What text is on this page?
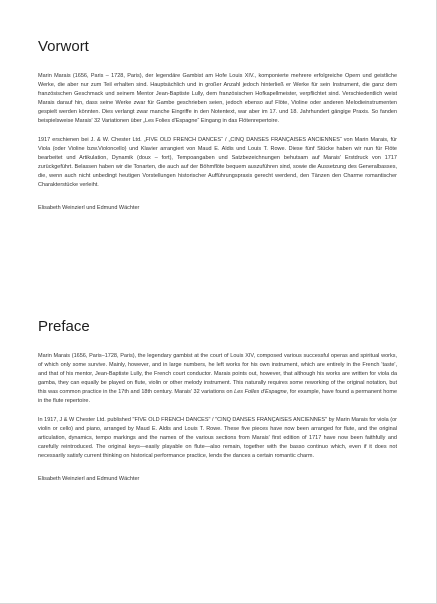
Vorwort

Marin Marais (1656, Paris – 1728, Paris), der legendäre Gambist am Hofe Louis XIV., komponierte mehrere erfolgreiche Opern und geistliche Werke, die aber nur zum Teil erhalten sind. Hauptsächlich und in großer Anzahl jedoch hinterließ er Werke für sein Instrument, die ganz dem französischen Geschmack und seinem Mentor Jean-Baptiste Lully, dem französischen Hofkapellmeister, verpflichtet sind. Verschiedentlich weist Marais darauf hin, dass seine Werke zwar für Gambe geschrieben seien, jedoch ebenso auf Flöte, Violine oder anderen Melodieinstrumenten gespielt werden könnten. Dies verlangt zwar manche Eingriffe in den Notentext, war aber im 17. und 18. Jahrhundert gängige Praxis. So fanden beispielsweise Marais' 32 Variationen über „Les Folies d'Espagne“ Eingang in das Flötenrepertoire.

1917 erschienen bei J. & W. Chester Ltd. „FIVE OLD FRENCH DANCES“ / „CINQ DANSES FRANÇAISES ANCIENNES“ von Marin Marais, für Viola (oder Violine bzw.Violoncello) und Klavier arrangiert von Maud E. Aldis und Louis T. Rowe. Diese fünf Stücke haben wir nun für Flöte bearbeitet und Artikulation, Dynamik (doux – fort), Tempoangaben und Satzbezeichnungen behutsam auf Marais' Erstdruck von 1717 zurückgeführt. Belassen haben wir die Tonarten, die auch auf der Böhmflöte bequem auszuführen sind, sowie die Aussetzung des Generalbasses, die, wenn auch nicht unbedingt heutigen Vorstellungen historischer Aufführungspraxis gerecht werdend, den Tänzen den Charme romantischer Charakterstücke verleiht.

Elisabeth Weinzierl und Edmund Wächter

Preface

Marin Marais (1656, Paris–1728, Paris), the legendary gambist at the court of Louis XIV, composed various successful operas and spiritual works, of which only some survive. Mainly, however, and in large numbers, he left works for his own instrument, which are entirely in the French 'taste', and that of his mentor, Jean-Baptiste Lully, the French court conductor. Marais points out, however, that although his works are written for viola da gamba, they can equally be played on flute, violin or other melody instrument. This naturally requires some reworking of the original notation, but this was common practice in the 17th and 18th century. Marais' 32 variations on Les Folles d'Espagne, for example, have found a permanent home in the flute repertoire.

In 1917, J & W Chester Ltd. published "FIVE OLD FRENCH DANCES" / "CINQ DANSES FRANÇAISES ANCIENNES" by Marin Marais for viola (or violin or cello) and piano, arranged by Maud E. Aldis and Louis T. Rowe. These five pieces have now been arranged for flute, and the original articulation, dynamics, tempo markings and the names of the various sections from Marais' first edition of 1717 have now been faithfully and carefully reintroduced. The original keys—easily playable on flute—also remain, together with the basso continuo which, even if it does not necessarily satisfy current thinking on historical performance practice, lends the dances a certain romantic charm.

Elisabeth Weinzierl and Edmund Wächter
